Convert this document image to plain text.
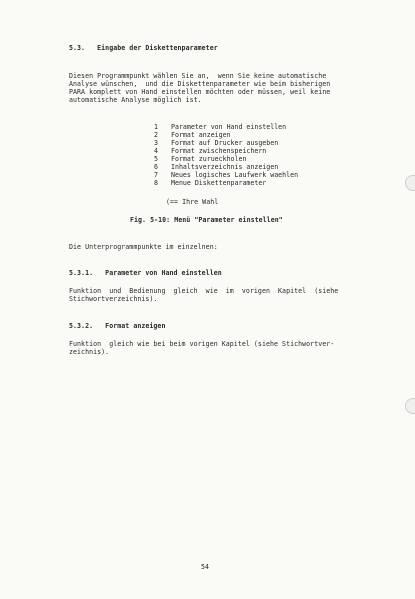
5.3.   Eingabe der Diskettenparameter
Diesen Programmpunkt wählen Sie an,  wenn Sie keine automatische
Analyse wünschen,  und die Diskettenparameter wie beim bisherigen
PARA komplett von Hand einstellen möchten oder müssen, weil keine
automatische Analyse möglich ist.
1 Parameter von Hand einstellen
2 Format anzeigen
3 Format auf Drucker ausgeben
4 Format zwischenspeichern
5 Format zurueckholen
6 Inhaltsverzeichnis anzeigen
7 Neues logisches Laufwerk waehlen
8 Menue Diskettenparameter
(== Ihre Wahl
Fig. 5-10: Menü "Parameter einstellen"
Die Unterprogrammpunkte im einzelnen:
5.3.1.   Parameter von Hand einstellen
Funktion  und  Bedienung  gleich  wie  im  vorigen  Kapitel  (siehe
Stichwortverzeichnis).
5.3.2.   Format anzeigen
Funktion  gleich wie bei beim vorigen Kapitel (siehe Stichwortver-
zeichnis).
54
